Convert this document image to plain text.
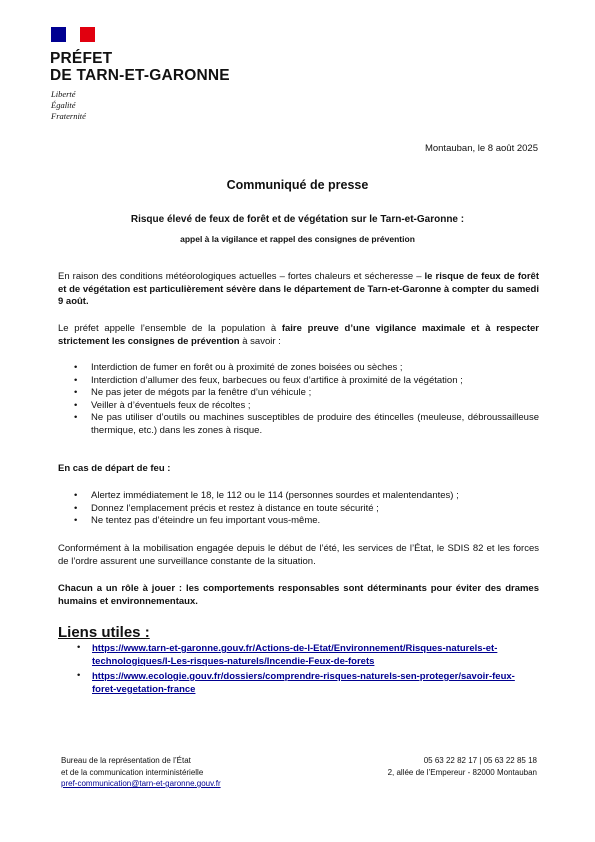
PRÉFET
DE TARN-ET-GARONNE
Liberté
Égalité
Fraternité
Montauban, le 8 août 2025
Communiqué de presse
Risque élevé de feux de forêt et de végétation sur le Tarn-et-Garonne :
appel à la vigilance et rappel des consignes de prévention
En raison des conditions météorologiques actuelles – fortes chaleurs et sécheresse – le risque de feux de forêt et de végétation est particulièrement sévère dans le département de Tarn-et-Garonne à compter du samedi 9 août.
Le préfet appelle l’ensemble de la population à faire preuve d’une vigilance maximale et à respecter strictement les consignes de prévention à savoir :
• Interdiction de fumer en forêt ou à proximité de zones boisées ou sèches ;
• Interdiction d’allumer des feux, barbecues ou feux d’artifice à proximité de la végétation ;
• Ne pas jeter de mégots par la fenêtre d’un véhicule ;
• Veiller à d’éventuels feux de récoltes ;
• Ne pas utiliser d’outils ou machines susceptibles de produire des étincelles (meuleuse, débroussailleuse thermique, etc.) dans les zones à risque.
En cas de départ de feu :
• Alertez immédiatement le 18, le 112 ou le 114 (personnes sourdes et malentendantes) ;
• Donnez l’emplacement précis et restez à distance en toute sécurité ;
• Ne tentez pas d’éteindre un feu important vous-même.
Conformément à la mobilisation engagée depuis le début de l’été, les services de l’État, le SDIS 82 et les forces de l’ordre assurent une surveillance constante de la situation.
Chacun a un rôle à jouer : les comportements responsables sont déterminants pour éviter des drames humains et environnementaux.
Liens utiles :
• https://www.tarn-et-garonne.gouv.fr/Actions-de-l-Etat/Environnement/Risques-naturels-et-technologiques/I-Les-risques-naturels/Incendie-Feux-de-forets
• https://www.ecologie.gouv.fr/dossiers/comprendre-risques-naturels-sen-proteger/savoir-feux-foret-vegetation-france
Bureau de la représentation de l’État
et de la communication interministérielle
pref-communication@tarn-et-garonne.gouv.fr
05 63 22 82 17 | 05 63 22 85 18
2, allée de l’Empereur - 82000 Montauban
